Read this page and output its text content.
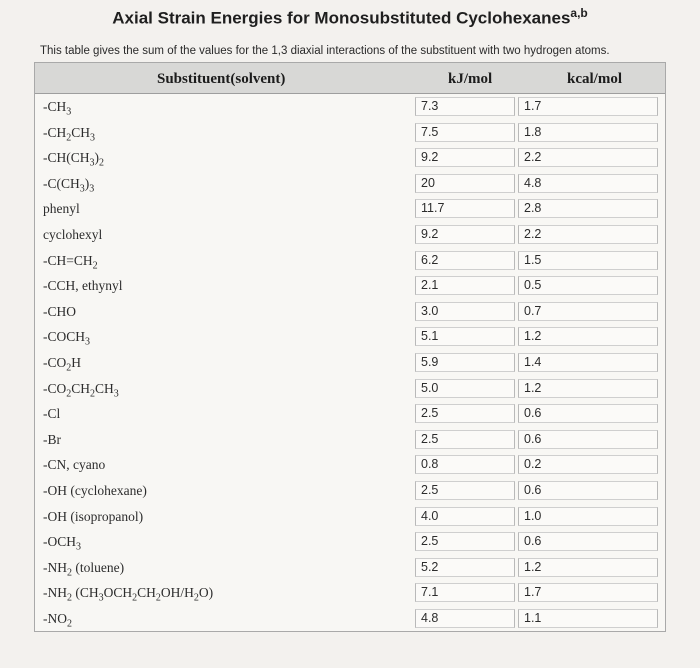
Axial Strain Energies for Monosubstituted Cyclohexanes$^{a,b}$
This table gives the sum of the values for the 1,3 diaxial interactions of the substituent with two hydrogen atoms.
Substituent(solvent)	kJ/mol	kcal/mol
$-CH_3$	7.3	1.7
$-CH_2CH_3$	7.5	1.8
$-CH(CH_3)_2$	9.2	2.2
$-C(CH_3)_3$	20	4.8
phenyl	11.7	2.8
cyclohexyl	9.2	2.2
$-CH=CH_2$	6.2	1.5
-CCH, ethynyl	2.1	0.5
-CHO	3.0	0.7
$-COCH_3$	5.1	1.2
$-CO_2H$	5.9	1.4
$-CO_2CH_2CH_3$	5.0	1.2
-Cl	2.5	0.6
-Br	2.5	0.6
-CN, cyano	0.8	0.2
-OH (cyclohexane)	2.5	0.6
-OH (isopropanol)	4.0	1.0
$-OCH_3$	2.5	0.6
$-NH_2$ (toluene)	5.2	1.2
$-NH_2$ $(CH_3OCH_2CH_2OH/H_2O)$	7.1	1.7
$-NO_2$	4.8	1.1
